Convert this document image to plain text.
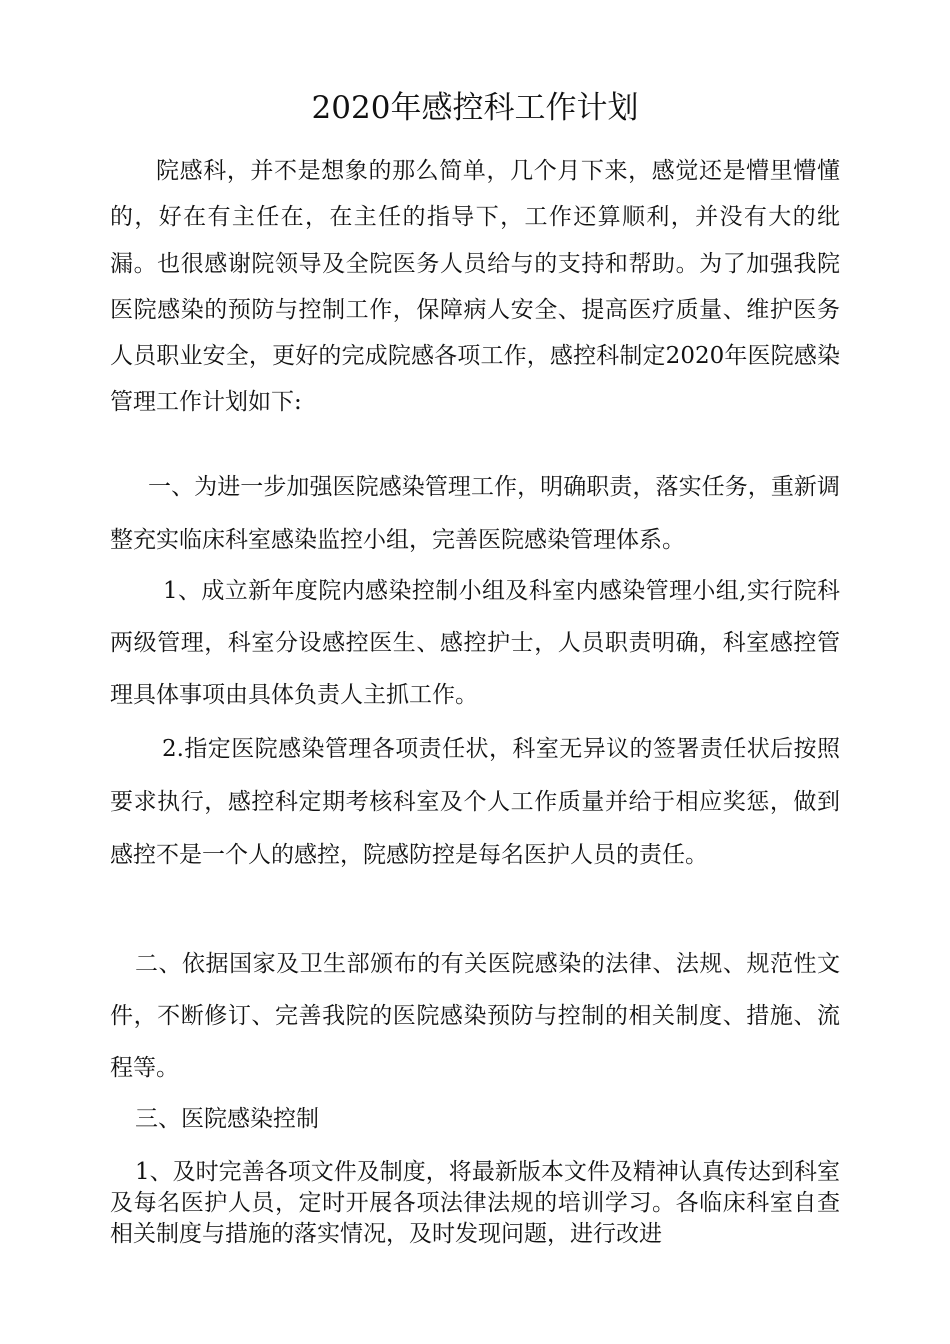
2020年感控科工作计划

院感科，并不是想象的那么简单，几个月下来，感觉还是懵里懵懂的，好在有主任在，在主任的指导下，工作还算顺利，并没有大的纰漏。也很感谢院领导及全院医务人员给与的支持和帮助。为了加强我院医院感染的预防与控制工作，保障病人安全、提高医疗质量、维护医务人员职业安全，更好的完成院感各项工作，感控科制定2020年医院感染管理工作计划如下:

一、为进一步加强医院感染管理工作，明确职责，落实任务，重新调整充实临床科室感染监控小组，完善医院感染管理体系。

1、成立新年度院内感染控制小组及科室内感染管理小组,实行院科两级管理，科室分设感控医生、感控护士，人员职责明确，科室感控管理具体事项由具体负责人主抓工作。

2.指定医院感染管理各项责任状，科室无异议的签署责任状后按照要求执行，感控科定期考核科室及个人工作质量并给于相应奖惩，做到感控不是一个人的感控，院感防控是每名医护人员的责任。

二、依据国家及卫生部颁布的有关医院感染的法律、法规、规范性文件，不断修订、完善我院的医院感染预防与控制的相关制度、措施、流程等。

三、医院感染控制

1、及时完善各项文件及制度，将最新版本文件及精神认真传达到科室及每名医护人员，定时开展各项法律法规的培训学习。各临床科室自查相关制度与措施的落实情况，及时发现问题，进行改进
